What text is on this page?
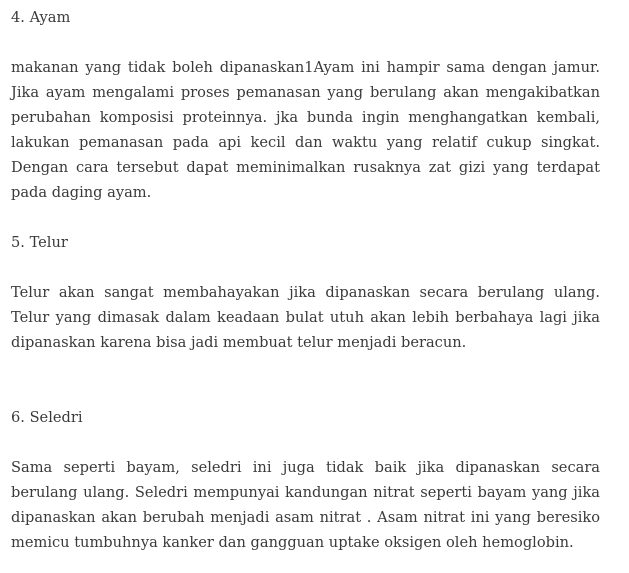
4. Ayam

makanan yang tidak boleh dipanaskan1Ayam ini hampir sama dengan jamur. Jika ayam mengalami proses pemanasan yang berulang akan mengakibatkan perubahan komposisi proteinnya. jka bunda ingin menghangatkan kembali, lakukan pemanasan pada api kecil dan waktu yang relatif cukup singkat. Dengan cara tersebut dapat meminimalkan rusaknya zat gizi yang terdapat pada daging ayam.

5. Telur

Telur akan sangat membahayakan jika dipanaskan secara berulang ulang. Telur yang dimasak dalam keadaan bulat utuh akan lebih berbahaya lagi jika dipanaskan karena bisa jadi membuat telur menjadi beracun.

6. Seledri

Sama seperti bayam, seledri ini juga tidak baik jika dipanaskan secara berulang ulang. Seledri mempunyai kandungan nitrat seperti bayam yang jika dipanaskan akan berubah menjadi asam nitrat . Asam nitrat ini yang beresiko memicu tumbuhnya kanker dan gangguan uptake oksigen oleh hemoglobin.
